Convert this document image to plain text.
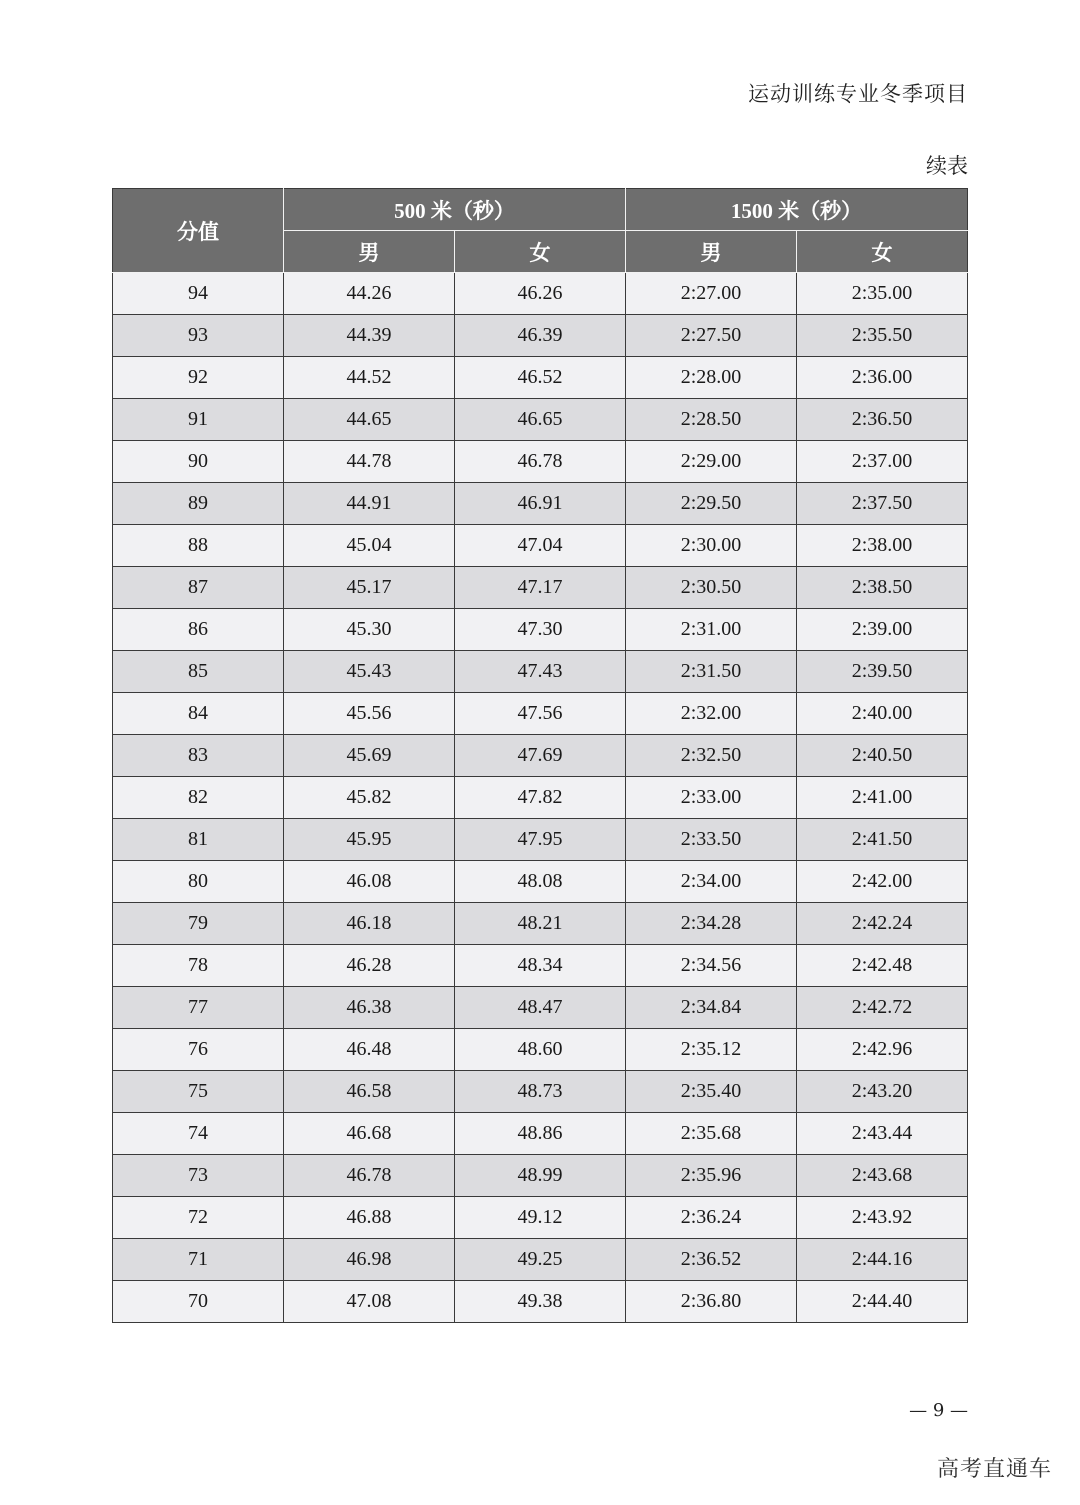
运动训练专业冬季项目
续表
分值	500 米（秒）		1500 米（秒）	
	男	女	男	女
94	44.26	46.26	2:27.00	2:35.00
93	44.39	46.39	2:27.50	2:35.50
92	44.52	46.52	2:28.00	2:36.00
91	44.65	46.65	2:28.50	2:36.50
90	44.78	46.78	2:29.00	2:37.00
89	44.91	46.91	2:29.50	2:37.50
88	45.04	47.04	2:30.00	2:38.00
87	45.17	47.17	2:30.50	2:38.50
86	45.30	47.30	2:31.00	2:39.00
85	45.43	47.43	2:31.50	2:39.50
84	45.56	47.56	2:32.00	2:40.00
83	45.69	47.69	2:32.50	2:40.50
82	45.82	47.82	2:33.00	2:41.00
81	45.95	47.95	2:33.50	2:41.50
80	46.08	48.08	2:34.00	2:42.00
79	46.18	48.21	2:34.28	2:42.24
78	46.28	48.34	2:34.56	2:42.48
77	46.38	48.47	2:34.84	2:42.72
76	46.48	48.60	2:35.12	2:42.96
75	46.58	48.73	2:35.40	2:43.20
74	46.68	48.86	2:35.68	2:43.44
73	46.78	48.99	2:35.96	2:43.68
72	46.88	49.12	2:36.24	2:43.92
71	46.98	49.25	2:36.52	2:44.16
70	47.08	49.38	2:36.80	2:44.40
— 9 —
高考直通车
